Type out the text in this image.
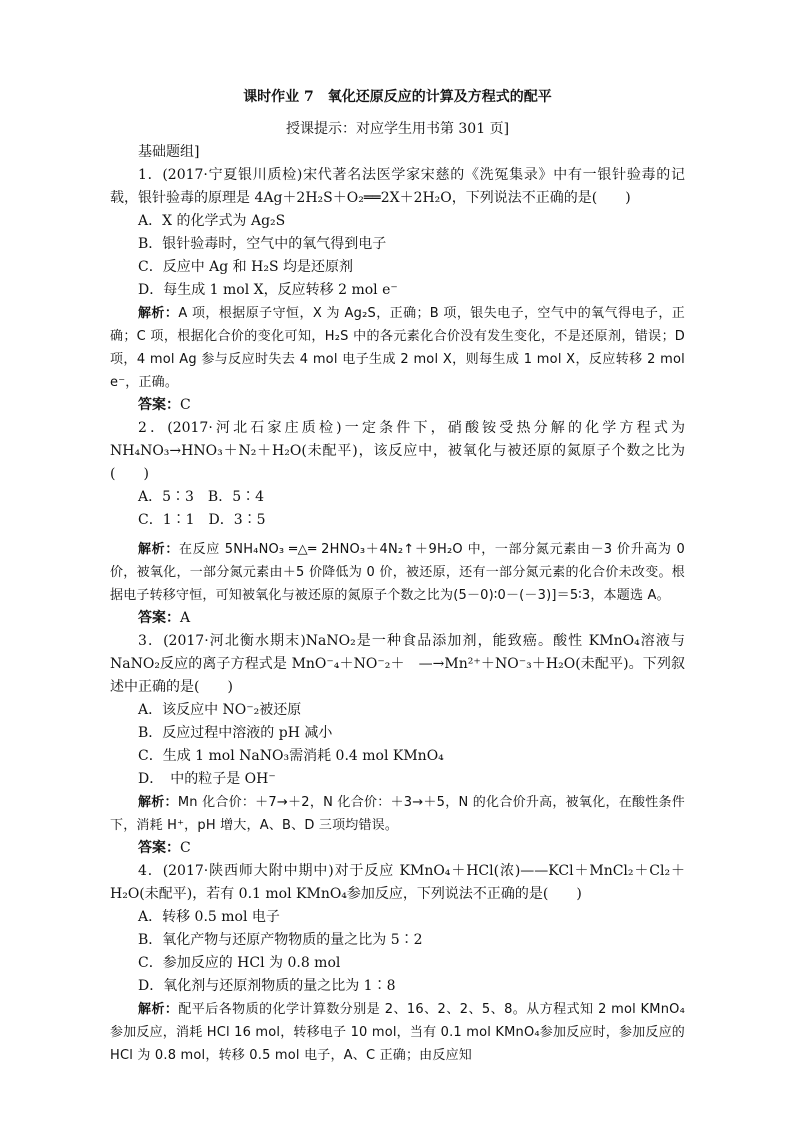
课时作业 7　氧化还原反应的计算及方程式的配平

授课提示：对应学生用书第 301 页]

基础题组]

1．(2017·宁夏银川质检)宋代著名法医学家宋慈的《洗冤集录》中有一银针验毒的记载，银针验毒的原理是 4Ag＋2H₂S＋O₂══2X＋2H₂O，下列说法不正确的是(　　)

A．X 的化学式为 Ag₂S

B．银针验毒时，空气中的氧气得到电子

C．反应中 Ag 和 H₂S 均是还原剂

D．每生成 1 mol X，反应转移 2 mol e⁻

解析：A 项，根据原子守恒，X 为 Ag₂S，正确；B 项，银失电子，空气中的氧气得电子，正确；C 项，根据化合价的变化可知，H₂S 中的各元素化合价没有发生变化，不是还原剂，错误；D 项，4 mol Ag 参与反应时失去 4 mol 电子生成 2 mol X，则每生成 1 mol X，反应转移 2 mol e⁻，正确。

答案：C

2．(2017·河北石家庄质检)一定条件下，硝酸铵受热分解的化学方程式为 NH₄NO₃→HNO₃＋N₂＋H₂O(未配平)，该反应中，被氧化与被还原的氮原子个数之比为(　　)

A．5∶3　B．5∶4

C．1∶1　D．3∶5

解析：在反应 5NH₄NO₃ ═△═ 2HNO₃＋4N₂↑＋9H₂O 中，一部分氮元素由－3 价升高为 0 价，被氧化，一部分氮元素由＋5 价降低为 0 价，被还原，还有一部分氮元素的化合价未改变。根据电子转移守恒，可知被氧化与被还原的氮原子个数之比为(5－0)∶0－(－3)]＝5∶3，本题选 A。

答案：A

3．(2017·河北衡水期末)NaNO₂是一种食品添加剂，能致癌。酸性 KMnO₄溶液与 NaNO₂反应的离子方程式是 MnO⁻₄＋NO⁻₂＋　—→Mn²⁺＋NO⁻₃＋H₂O(未配平)。下列叙述中正确的是(　　)

A．该反应中 NO⁻₂被还原

B．反应过程中溶液的 pH 减小

C．生成 1 mol NaNO₃需消耗 0.4 mol KMnO₄

D．　中的粒子是 OH⁻

解析：Mn 化合价：＋7→＋2，N 化合价：＋3→＋5，N 的化合价升高，被氧化，在酸性条件下，消耗 H⁺，pH 增大，A、B、D 三项均错误。

答案：C

4．(2017·陕西师大附中期中)对于反应 KMnO₄＋HCl(浓)——KCl＋MnCl₂＋Cl₂＋H₂O(未配平)，若有 0.1 mol KMnO₄参加反应，下列说法不正确的是(　　)

A．转移 0.5 mol 电子

B．氧化产物与还原产物物质的量之比为 5∶2

C．参加反应的 HCl 为 0.8 mol

D．氧化剂与还原剂物质的量之比为 1∶8

解析：配平后各物质的化学计算数分别是 2、16、2、2、5、8。从方程式知 2 mol KMnO₄参加反应，消耗 HCl 16 mol，转移电子 10 mol，当有 0.1 mol KMnO₄参加反应时，参加反应的 HCl 为 0.8 mol，转移 0.5 mol 电子，A、C 正确；由反应知
